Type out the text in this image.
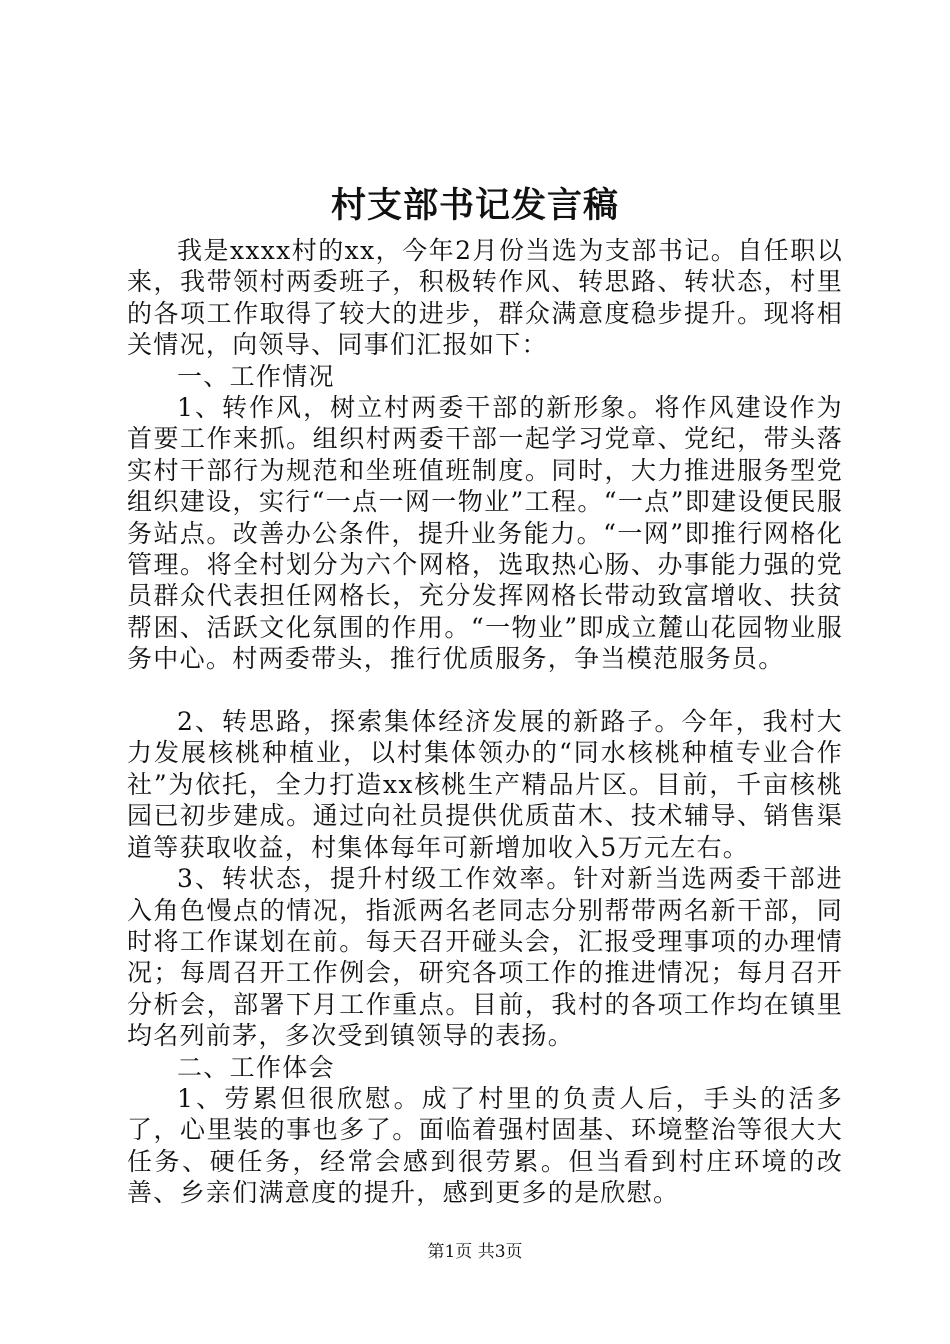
村支部书记发言稿

我是xxxx村的xx，今年2月份当选为支部书记。自任职以来，我带领村两委班子，积极转作风、转思路、转状态，村里的各项工作取得了较大的进步，群众满意度稳步提升。现将相关情况，向领导、同事们汇报如下：

一、工作情况

1、转作风，树立村两委干部的新形象。将作风建设作为首要工作来抓。组织村两委干部一起学习党章、党纪，带头落实村干部行为规范和坐班值班制度。同时，大力推进服务型党组织建设，实行“一点一网一物业”工程。“一点”即建设便民服务站点。改善办公条件，提升业务能力。“一网”即推行网格化管理。将全村划分为六个网格，选取热心肠、办事能力强的党员群众代表担任网格长，充分发挥网格长带动致富增收、扶贫帮困、活跃文化氛围的作用。“一物业”即成立麓山花园物业服务中心。村两委带头，推行优质服务，争当模范服务员。

2、转思路，探索集体经济发展的新路子。今年，我村大力发展核桃种植业，以村集体领办的“同水核桃种植专业合作社”为依托，全力打造xx核桃生产精品片区。目前，千亩核桃园已初步建成。通过向社员提供优质苗木、技术辅导、销售渠道等获取收益，村集体每年可新增加收入5万元左右。

3、转状态，提升村级工作效率。针对新当选两委干部进入角色慢点的情况，指派两名老同志分别帮带两名新干部，同时将工作谋划在前。每天召开碰头会，汇报受理事项的办理情况；每周召开工作例会，研究各项工作的推进情况；每月召开分析会，部署下月工作重点。目前，我村的各项工作均在镇里均名列前茅，多次受到镇领导的表扬。

二、工作体会

1、劳累但很欣慰。成了村里的负责人后，手头的活多了，心里装的事也多了。面临着强村固基、环境整治等很大大任务、硬任务，经常会感到很劳累。但当看到村庄环境的改善、乡亲们满意度的提升，感到更多的是欣慰。

第1页 共3页
